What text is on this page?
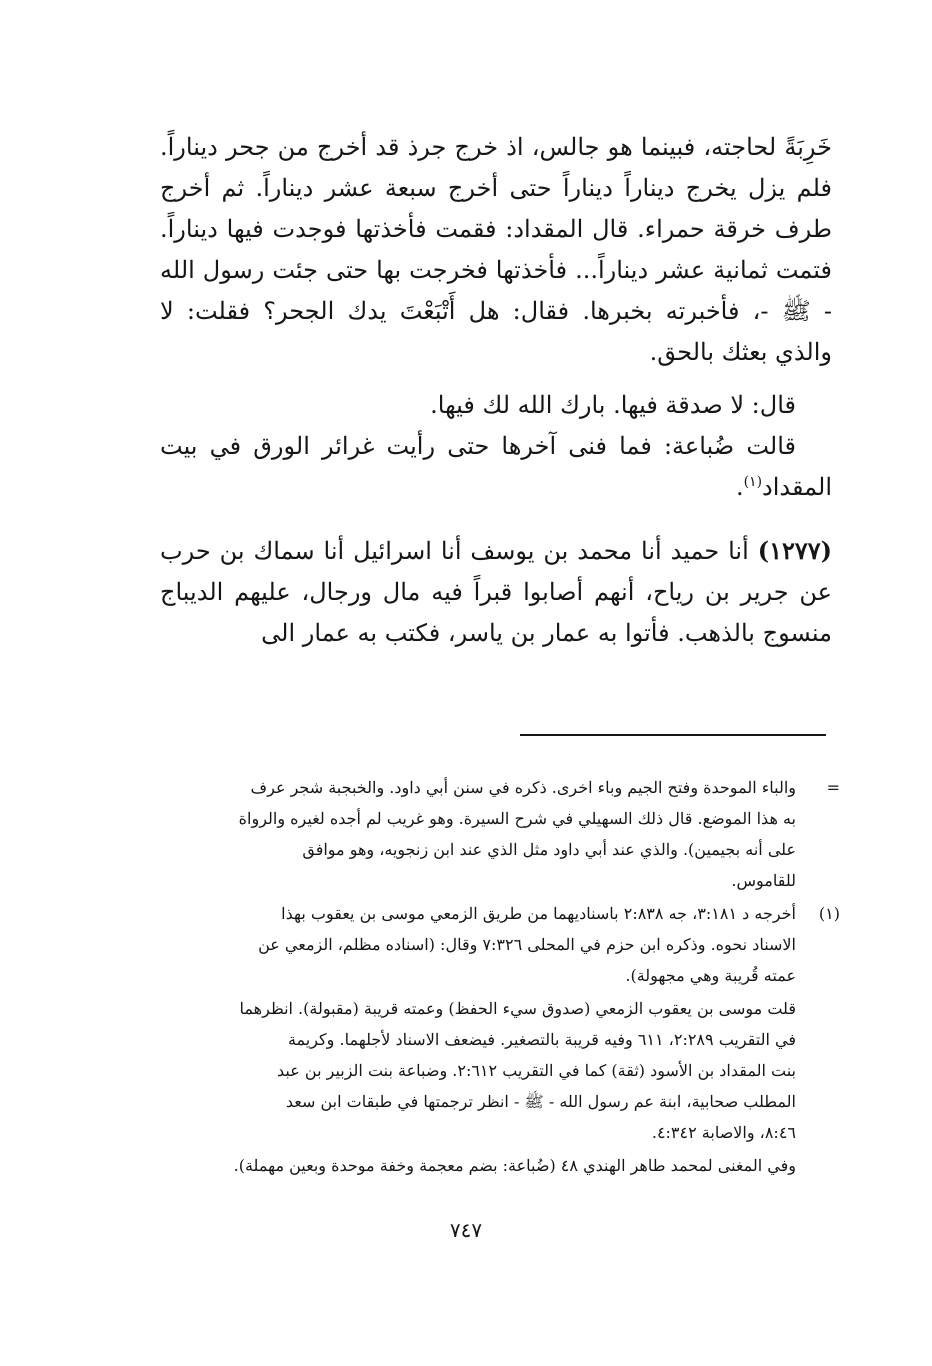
خَرِبَةً لحاجته، فبينما هو جالس، اذ خرج جرذ قد أخرج من جحر ديناراً. فلم يزل يخرج ديناراً ديناراً حتى أخرج سبعة عشر ديناراً. ثم أخرج طرف خرقة حمراء. قال المقداد: فقمت فأخذتها فوجدت فيها ديناراً. فتمت ثمانية عشر ديناراً... فأخذتها فخرجت بها حتى جئت رسول الله - ﷺ -، فأخبرته بخبرها. فقال: هل أَتْبَعْتَ يدك الجحر؟ فقلت: لا والذي بعثك بالحق.

قال: لا صدقة فيها. بارك الله لك فيها.

قالت ضُباعة: فما فنى آخرها حتى رأيت غرائر الورق في بيت المقداد$^{(١)}$.

(١٢٧٧) أنا حميد أنا محمد بن يوسف أنا اسرائيل أنا سماك بن حرب عن جرير بن رياح، أنهم أصابوا قبراً فيه مال ورجال، عليهم الديباج منسوج بالذهب. فأتوا به عمار بن ياسر، فكتب به عمار الى

=

والباء الموحدة وفتح الجيم وباء اخرى. ذكره في سنن أبي داود. والخبجبة شجر عرف

به هذا الموضع. قال ذلك السهيلي في شرح السيرة. وهو غريب لم أجده لغيره والرواة

على أنه بجيمين). والذي عند أبي داود مثل الذي عند ابن زنجويه، وهو موافق

للقاموس.

(١)

أخرجه د ٣:١٨١، جه ٢:٨٣٨ باسنادیهما من طريق الزمعي موسى بن يعقوب بهذا

الاسناد نحوه. وذكره ابن حزم في المحلى ٧:٣٢٦ وقال: (اسناده مظلم، الزمعي عن

عمته قُريبة وهي مجهولة).

قلت موسى بن يعقوب الزمعي (صدوق سيء الحفظ) وعمته قريبة (مقبولة). انظرهما

في التقريب ٢:٢٨٩، ٦١١ وفيه قريبة بالتصغير. فيضعف الاسناد لأجلهما. وكريمة

بنت المقداد بن الأسود (ثقة) كما في التقريب ٢:٦١٢. وضباعة بنت الزبير بن عبد

المطلب صحابية، ابنة عم رسول الله - ﷺ - انظر ترجمتها في طبقات ابن سعد

٨:٤٦، والاصابة ٤:٣٤٢.

وفي المغنى لمحمد طاهر الهندي ٤٨ (ضُباعة: بضم معجمة وخفة موحدة وبعين مهملة).

٧٤٧
